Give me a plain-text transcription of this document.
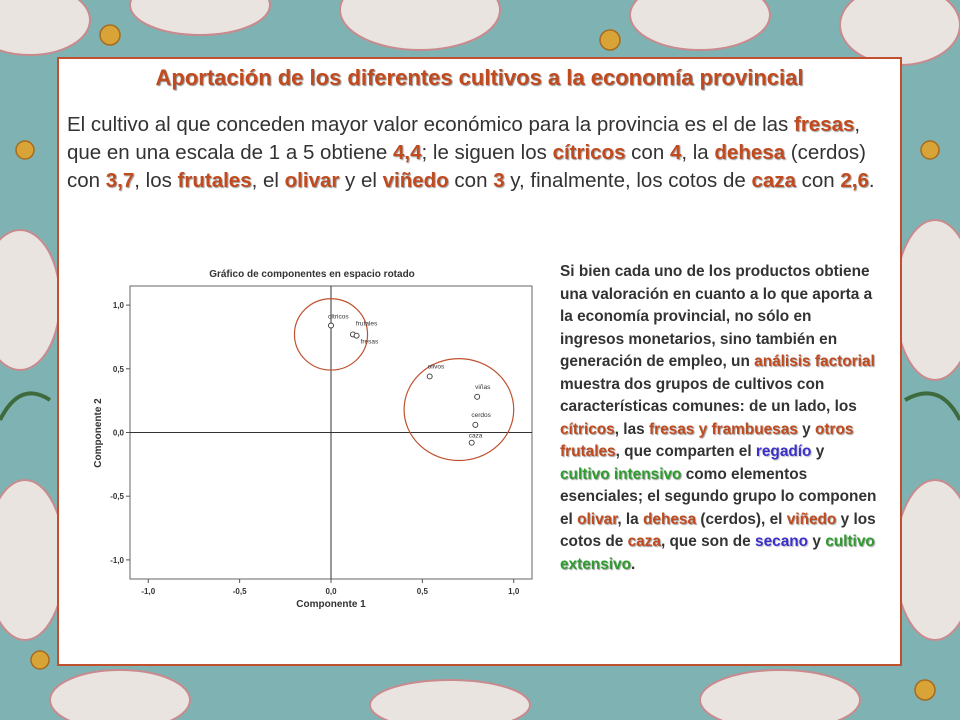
Aportación de los diferentes cultivos a la economía provincial
El cultivo al que conceden mayor valor económico para la provincia es el de las fresas, que en una escala de 1 a 5 obtiene 4,4; le siguen los cítricos con 4, la dehesa (cerdos) con 3,7, los frutales, el olivar y el viñedo con 3 y, finalmente, los cotos de caza con 2,6.
Gráfico de componentes en espacio rotado
-1,0	-0,5	0,0	0,5	1,0
1,0
0,5
0,0
-0,5
-1,0
cítricos
frutales
fresas
olivos
viñas
cerdos
caza
Componente 1
Componente 2
Si bien cada uno de los productos obtiene una valoración en cuanto a lo que aporta a la economía provincial, no sólo en ingresos monetarios, sino también en generación de empleo, un análisis factorial muestra dos grupos de cultivos con características comunes: de un lado, los cítricos, las fresas y frambuesas y otros frutales, que comparten el regadío y cultivo intensivo como elementos esenciales; el segundo grupo lo componen el olivar, la dehesa (cerdos), el viñedo y los cotos de caza, que son de secano y cultivo extensivo.
